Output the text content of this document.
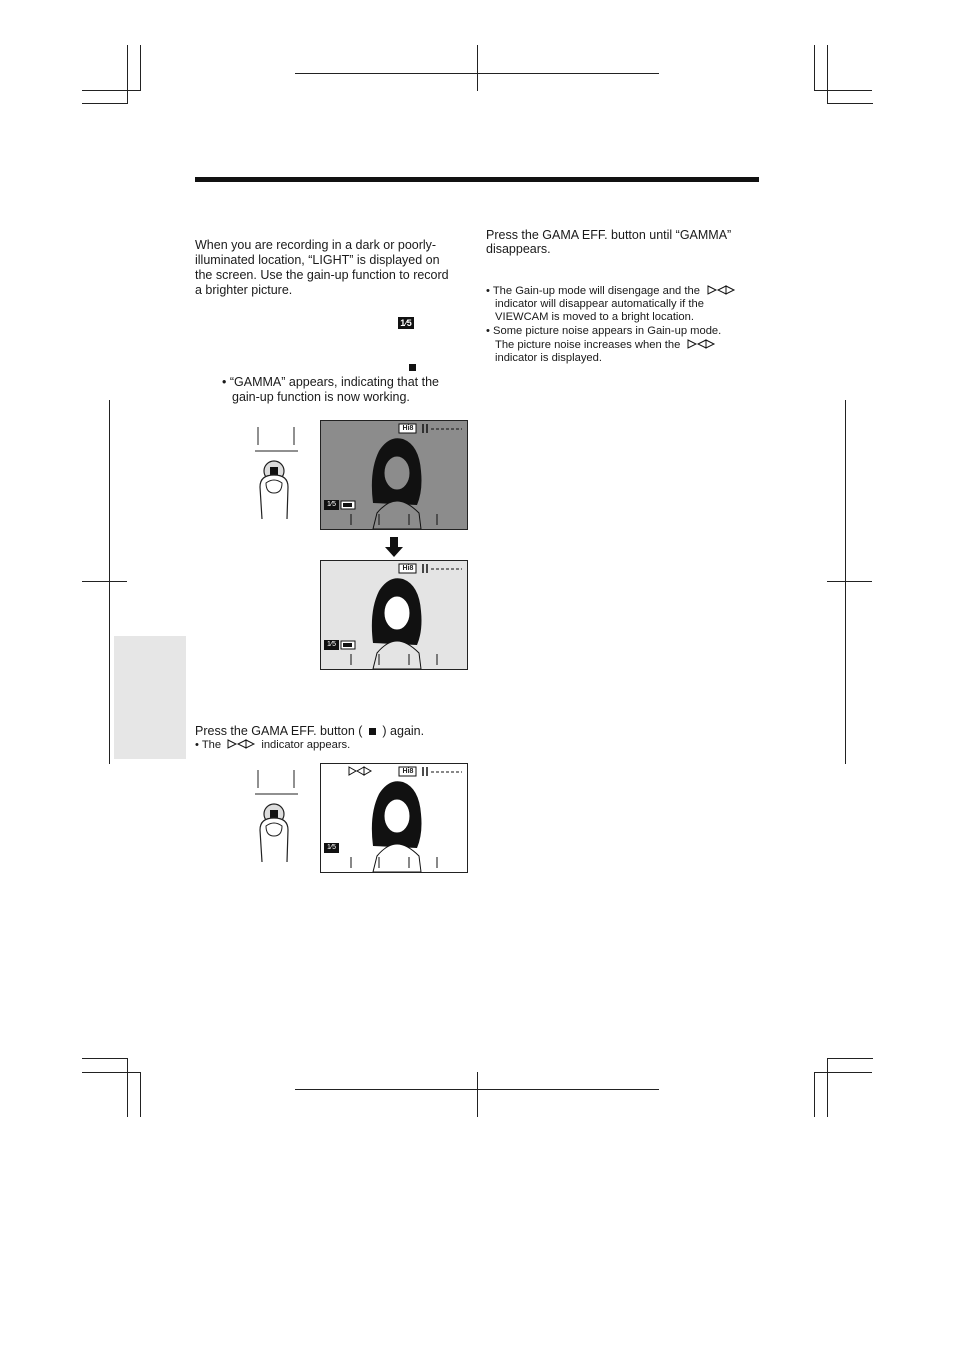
When you are recording in a dark or poorly-
illuminated location, “LIGHT” is displayed on
the screen. Use the gain-up function to record
a brighter picture.
1⁄5
• “GAMMA” appears, indicating that the
gain-up function is now working.
Hi8
1⁄5
Hi8
1⁄5
Press the GAMA EFF. button ( ) again.
• The	indicator appears.
Hi8
1⁄5
Press the GAMA EFF. button until “GAMMA”
disappears.
• The Gain-up mode will disengage and the
indicator will disappear automatically if the
VIEWCAM is moved to a bright location.
• Some picture noise appears in Gain-up mode.
The picture noise increases when the
indicator is displayed.
